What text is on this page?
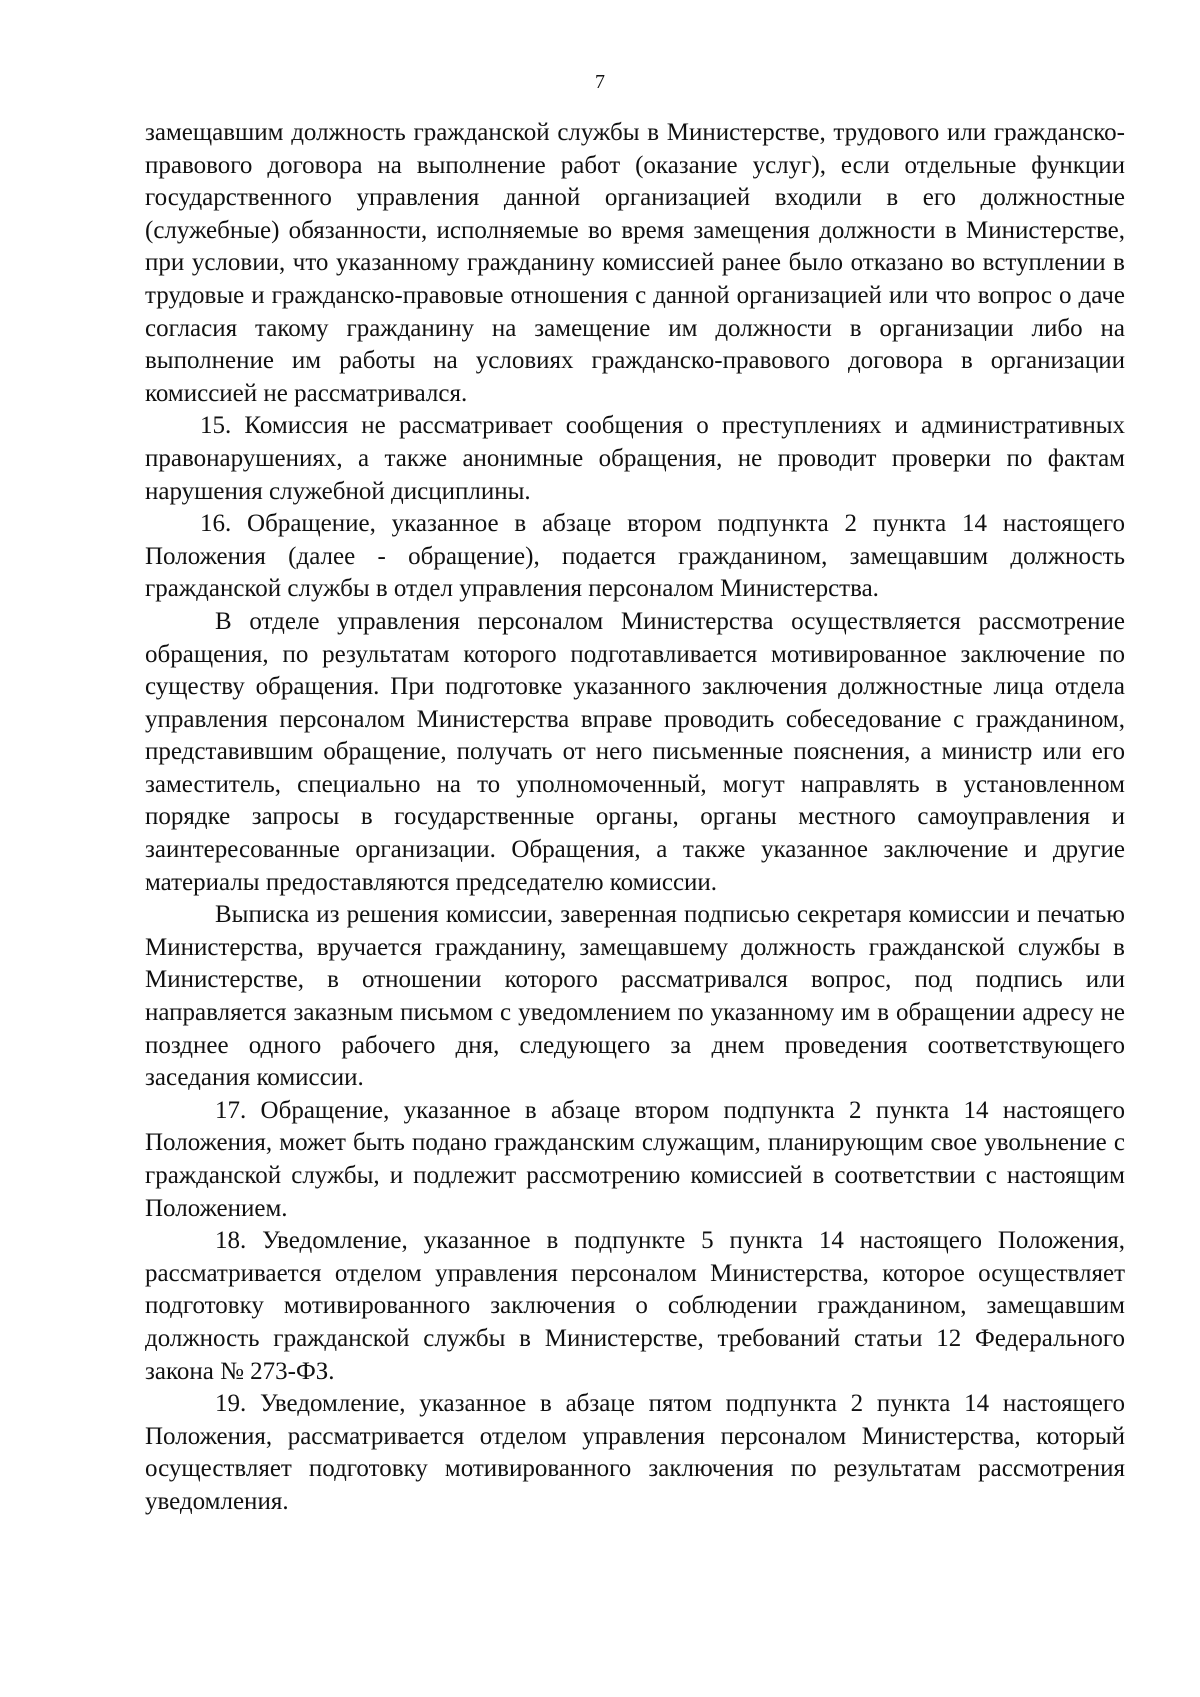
7

замещавшим должность гражданской службы в Министерстве, трудового или гражданско-правового договора на выполнение работ (оказание услуг), если отдельные функции государственного управления данной организацией входили в его должностные (служебные) обязанности, исполняемые во время замещения должности в Министерстве, при условии, что указанному гражданину комиссией ранее было отказано во вступлении в трудовые и гражданско-правовые отношения с данной организацией или что вопрос о даче согласия такому гражданину на замещение им должности в организации либо на выполнение им работы на условиях гражданско-правового договора в организации комиссией не рассматривался.

15. Комиссия не рассматривает сообщения о преступлениях и административных правонарушениях, а также анонимные обращения, не проводит проверки по фактам нарушения служебной дисциплины.

16. Обращение, указанное в абзаце втором подпункта 2 пункта 14 настоящего Положения (далее - обращение), подается гражданином, замещавшим должность гражданской службы в отдел управления персоналом Министерства.

В отделе управления персоналом Министерства осуществляется рассмотрение обращения, по результатам которого подготавливается мотивированное заключение по существу обращения. При подготовке указанного заключения должностные лица отдела управления персоналом Министерства вправе проводить собеседование с гражданином, представившим обращение, получать от него письменные пояснения, а министр или его заместитель, специально на то уполномоченный, могут направлять в установленном порядке запросы в государственные органы, органы местного самоуправления и заинтересованные организации. Обращения, а также указанное заключение и другие материалы предоставляются председателю комиссии.

Выписка из решения комиссии, заверенная подписью секретаря комиссии и печатью Министерства, вручается гражданину, замещавшему должность гражданской службы в Министерстве, в отношении которого рассматривался вопрос, под подпись или направляется заказным письмом с уведомлением по указанному им в обращении адресу не позднее одного рабочего дня, следующего за днем проведения соответствующего заседания комиссии.

17. Обращение, указанное в абзаце втором подпункта 2 пункта 14 настоящего Положения, может быть подано гражданским служащим, планирующим свое увольнение с гражданской службы, и подлежит рассмотрению комиссией в соответствии с настоящим Положением.

18. Уведомление, указанное в подпункте 5 пункта 14 настоящего Положения, рассматривается отделом управления персоналом Министерства, которое осуществляет подготовку мотивированного заключения о соблюдении гражданином, замещавшим должность гражданской службы в Министерстве, требований статьи 12 Федерального закона № 273-ФЗ.

19. Уведомление, указанное в абзаце пятом подпункта 2 пункта 14 настоящего Положения, рассматривается отделом управления персоналом Министерства, который осуществляет подготовку мотивированного заключения по результатам рассмотрения уведомления.
